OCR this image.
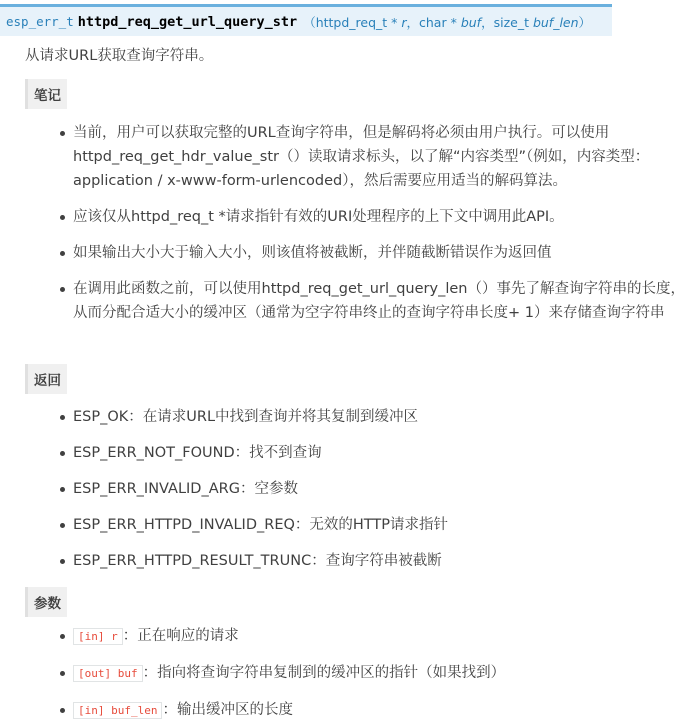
esp_err_t httpd_req_get_url_query_str （httpd_req_t * r，char * buf，size_t buf_len）
从请求URL获取查询字符串。
笔记
当前，用户可以获取完整的URL查询字符串，但是解码将必须由用户执行。可以使用httpd_req_get_hdr_value_str（）读取请求标头，以了解“内容类型”（例如，内容类型：application / x-www-form-urlencoded），然后需要应用适当的解码算法。
应该仅从httpd_req_t *请求指针有效的URI处理程序的上下文中调用此API。
如果输出大小大于输入大小，则该值将被截断，并伴随截断错误作为返回值
在调用此函数之前，可以使用httpd_req_get_url_query_len（）事先了解查询字符串的长度，从而分配合适大小的缓冲区（通常为空字符串终止的查询字符串长度+ 1）来存储查询字符串
返回
ESP_OK：在请求URL中找到查询并将其复制到缓冲区
ESP_ERR_NOT_FOUND：找不到查询
ESP_ERR_INVALID_ARG：空参数
ESP_ERR_HTTPD_INVALID_REQ：无效的HTTP请求指针
ESP_ERR_HTTPD_RESULT_TRUNC：查询字符串被截断
参数
[in] r ：正在响应的请求
[out] buf ：指向将查询字符串复制到的缓冲区的指针（如果找到）
[in] buf_len ：输出缓冲区的长度
